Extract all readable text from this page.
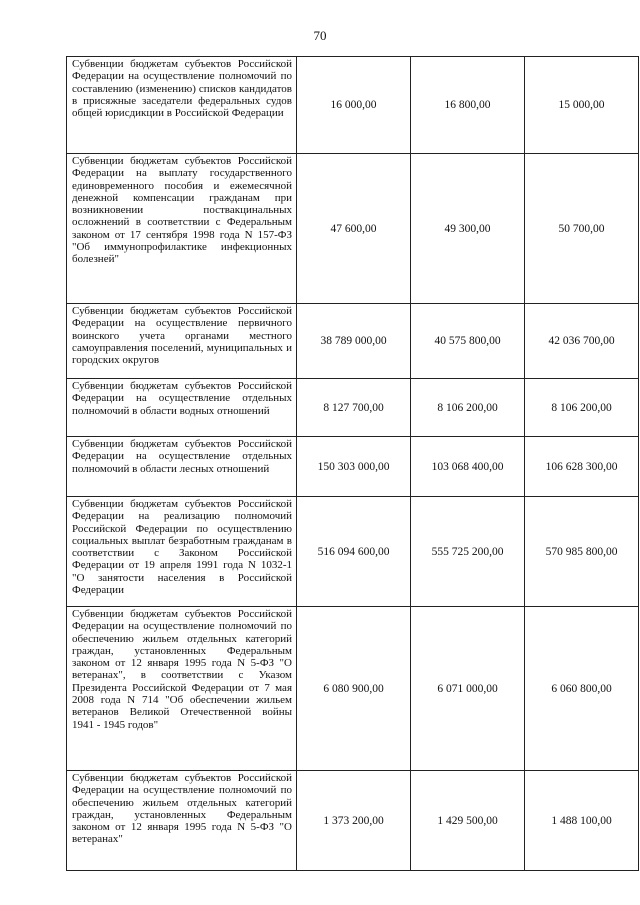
70
Субвенции бюджетам субъектов Российской Федерации на осуществление полномочий по составлению (изменению) списков кандидатов в присяжные заседатели федеральных судов общей юрисдикции в Российской Федерации	16 000,00	16 800,00	15 000,00
Субвенции бюджетам субъектов Российской Федерации на выплату государственного единовременного пособия и ежемесячной денежной компенсации гражданам при возникновении поствакцинальных осложнений в соответствии с Федеральным законом от 17 сентября 1998 года N 157-ФЗ "Об иммунопрофилактике инфекционных болезней"	47 600,00	49 300,00	50 700,00
Субвенции бюджетам субъектов Российской Федерации на осуществление первичного воинского учета органами местного самоуправления поселений, муниципальных и городских округов	38 789 000,00	40 575 800,00	42 036 700,00
Субвенции бюджетам субъектов Российской Федерации на осуществление отдельных полномочий в области водных отношений	8 127 700,00	8 106 200,00	8 106 200,00
Субвенции бюджетам субъектов Российской Федерации на осуществление отдельных полномочий в области лесных отношений	150 303 000,00	103 068 400,00	106 628 300,00
Субвенции бюджетам субъектов Российской Федерации на реализацию полномочий Российской Федерации по осуществлению социальных выплат безработным гражданам в соответствии с Законом Российской Федерации от 19 апреля 1991 года N 1032-1 "О занятости населения в Российской Федерации	516 094 600,00	555 725 200,00	570 985 800,00
Субвенции бюджетам субъектов Российской Федерации на осуществление полномочий по обеспечению жильем отдельных категорий граждан, установленных Федеральным законом от 12 января 1995 года N 5-ФЗ "О ветеранах", в соответствии с Указом Президента Российской Федерации от 7 мая 2008 года N 714 "Об обеспечении жильем ветеранов Великой Отечественной войны 1941 - 1945 годов"	6 080 900,00	6 071 000,00	6 060 800,00
Субвенции бюджетам субъектов Российской Федерации на осуществление полномочий по обеспечению жильем отдельных категорий граждан, установленных Федеральным законом от 12 января 1995 года N 5-ФЗ "О ветеранах"	1 373 200,00	1 429 500,00	1 488 100,00
